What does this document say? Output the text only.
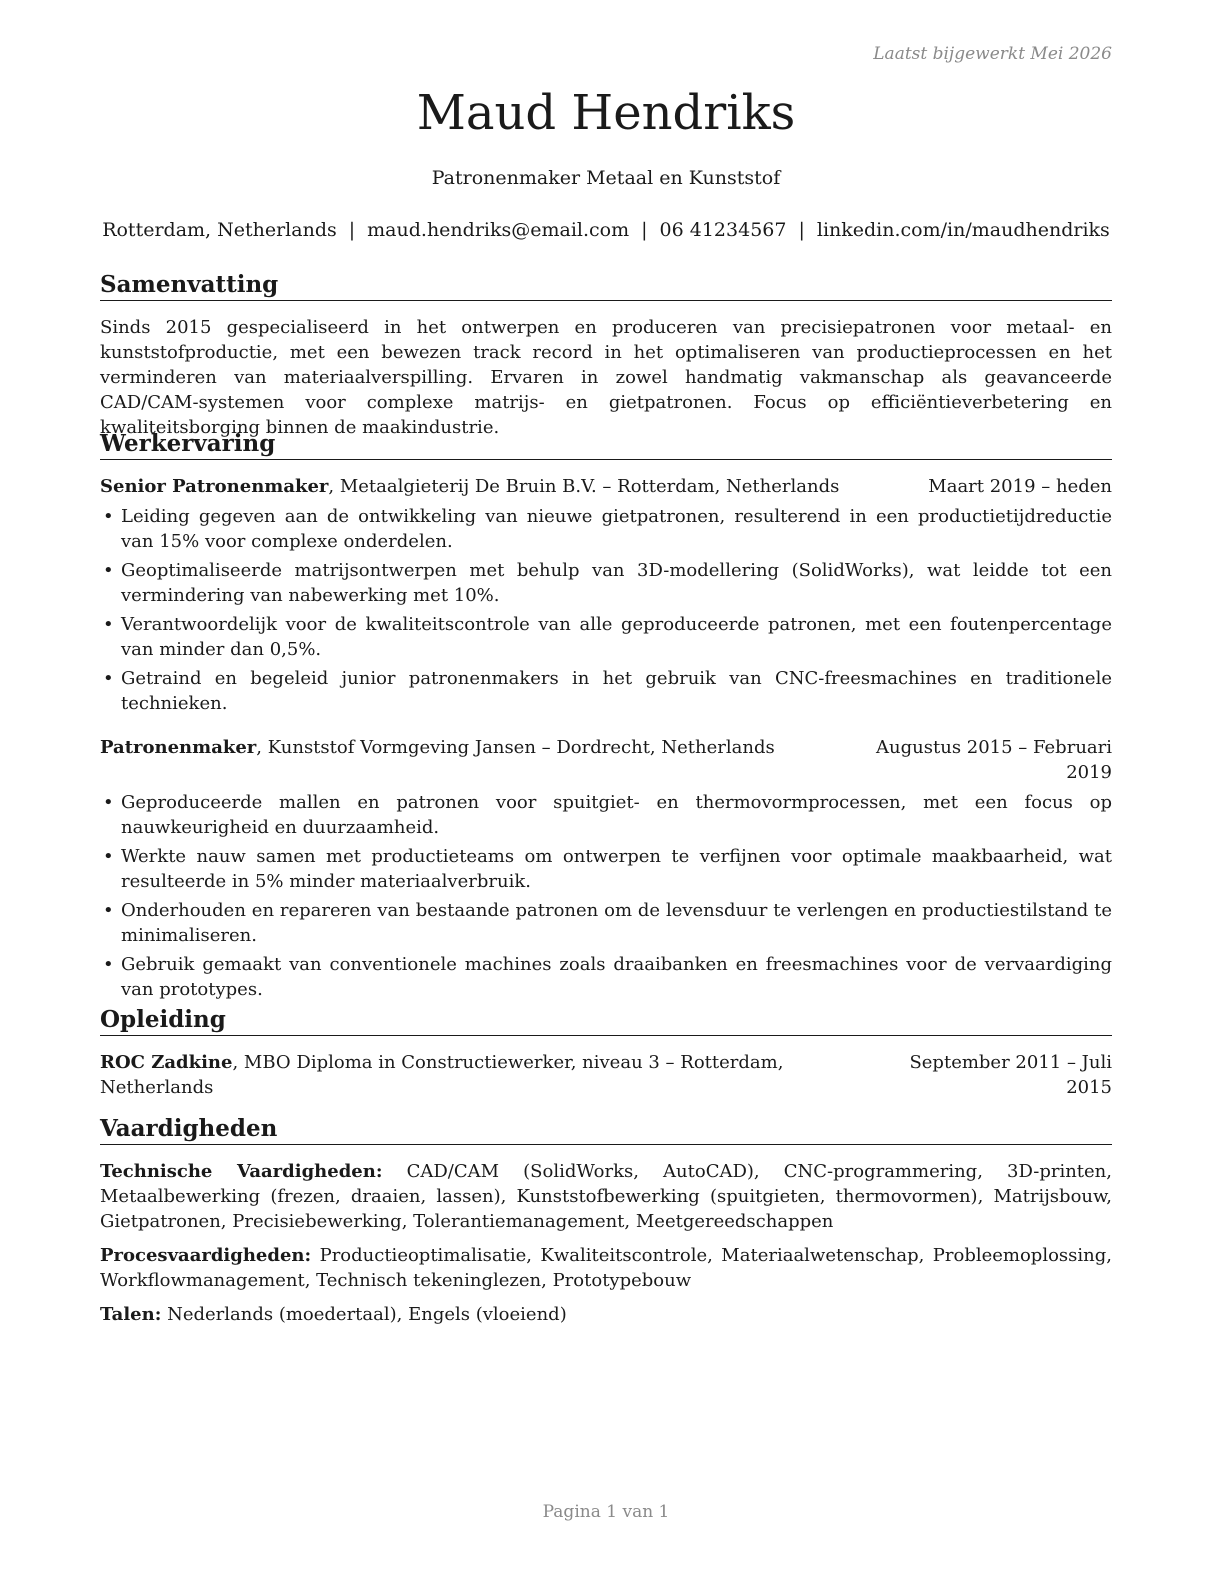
Laatst bijgewerkt Mei 2026
Maud Hendriks
Patronenmaker Metaal en Kunststof
Rotterdam, Netherlands | maud.hendriks@email.com | 06 41234567 | linkedin.com/in/maudhendriks
Samenvatting
Sinds 2015 gespecialiseerd in het ontwerpen en produceren van precisiepatronen voor metaal- en kunststofproductie, met een bewezen track record in het optimaliseren van productieprocessen en het verminderen van materiaalverspilling. Ervaren in zowel handmatig vakmanschap als geavanceerde CAD/CAM-systemen voor complexe matrijs- en gietpatronen. Focus op efficiëntieverbetering en kwaliteitsborging binnen de maakindustrie.
Werkervaring
Senior Patronenmaker, Metaalgieterij De Bruin B.V. – Rotterdam, Netherlands	Maart 2019 – heden
• Leiding gegeven aan de ontwikkeling van nieuwe gietpatronen, resulterend in een productietijdreductie van 15% voor complexe onderdelen.
• Geoptimaliseerde matrijsontwerpen met behulp van 3D-modellering (SolidWorks), wat leidde tot een vermindering van nabewerking met 10%.
• Verantwoordelijk voor de kwaliteitscontrole van alle geproduceerde patronen, met een foutenpercentage van minder dan 0,5%.
• Getraind en begeleid junior patronenmakers in het gebruik van CNC-freesmachines en traditionele technieken.
Patronenmaker, Kunststof Vormgeving Jansen – Dordrecht, Netherlands	Augustus 2015 – Februari 2019
• Geproduceerde mallen en patronen voor spuitgiet- en thermovormprocessen, met een focus op nauwkeurigheid en duurzaamheid.
• Werkte nauw samen met productieteams om ontwerpen te verfijnen voor optimale maakbaarheid, wat resulteerde in 5% minder materiaalverbruik.
• Onderhouden en repareren van bestaande patronen om de levensduur te verlengen en productiestilstand te minimaliseren.
• Gebruik gemaakt van conventionele machines zoals draaibanken en freesmachines voor de vervaardiging van prototypes.
Opleiding
ROC Zadkine, MBO Diploma in Constructiewerker, niveau 3 – Rotterdam, Netherlands
September 2011 – Juli 2015
Vaardigheden
Technische Vaardigheden: CAD/CAM (SolidWorks, AutoCAD), CNC-programmering, 3D-printen, Metaalbewerking (frezen, draaien, lassen), Kunststofbewerking (spuitgieten, thermovormen), Matrijsbouw, Gietpatronen, Precisiebewerking, Tolerantiemanagement, Meetgereedschappen
Procesvaardigheden: Productieoptimalisatie, Kwaliteitscontrole, Materiaalwetenschap, Probleemoplossing, Workflowmanagement, Technisch tekeninglezen, Prototypebouw
Talen: Nederlands (moedertaal), Engels (vloeiend)
Pagina 1 van 1
